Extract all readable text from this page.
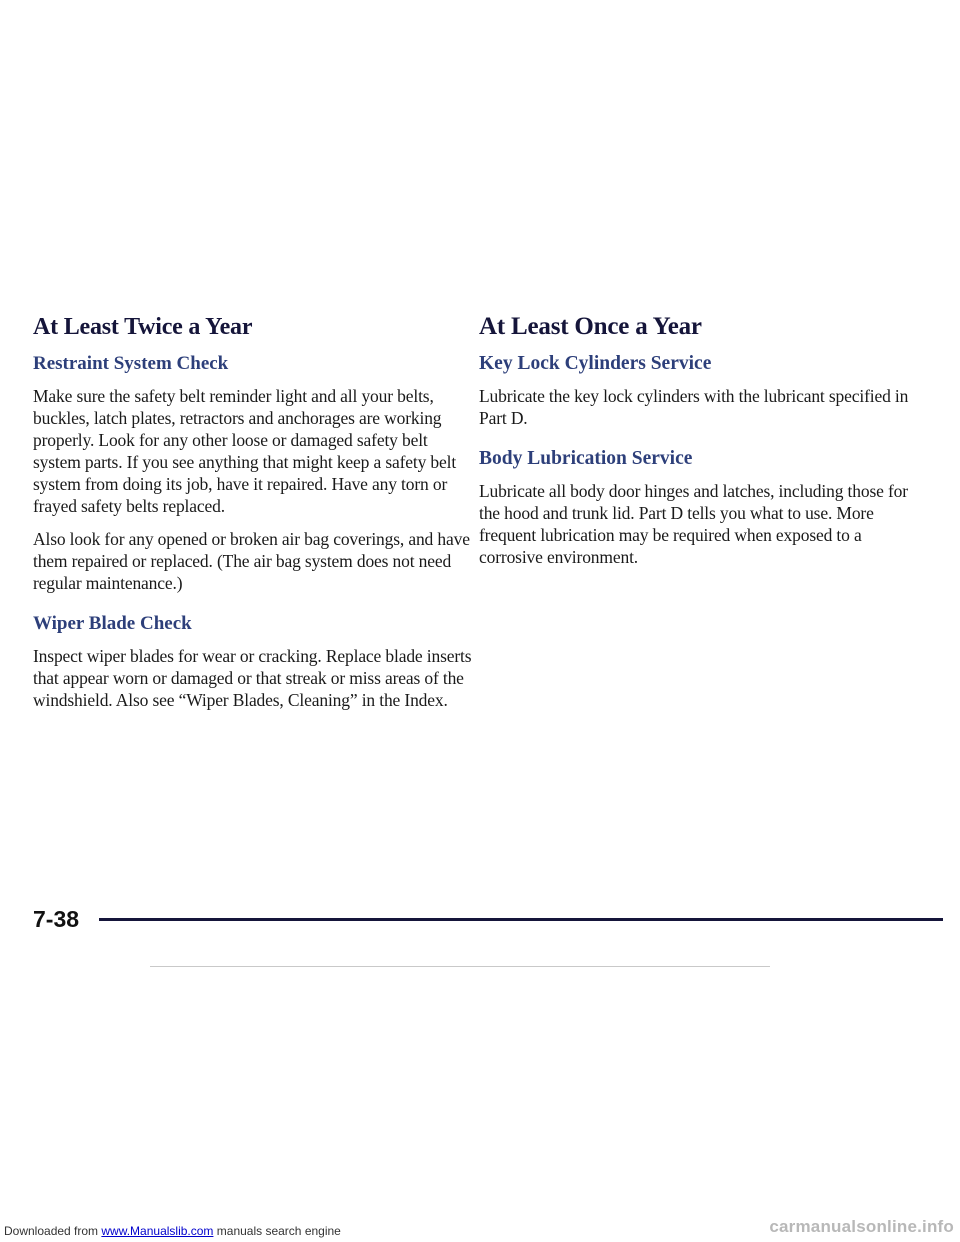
At Least Twice a Year
Restraint System Check

Make sure the safety belt reminder light and all your belts, buckles, latch plates, retractors and anchorages are working properly. Look for any other loose or damaged safety belt system parts. If you see anything that might keep a safety belt system from doing its job, have it repaired. Have any torn or frayed safety belts replaced.

Also look for any opened or broken air bag coverings, and have them repaired or replaced. (The air bag system does not need regular maintenance.)

Wiper Blade Check

Inspect wiper blades for wear or cracking. Replace blade inserts that appear worn or damaged or that streak or miss areas of the windshield. Also see “Wiper Blades, Cleaning” in the Index.

At Least Once a Year
Key Lock Cylinders Service

Lubricate the key lock cylinders with the lubricant specified in Part D.

Body Lubrication Service

Lubricate all body door hinges and latches, including those for the hood and trunk lid. Part D tells you what to use. More frequent lubrication may be required when exposed to a corrosive environment.

7-38
Downloaded from www.Manualslib.com manuals search engine	carmanualsonline.info
